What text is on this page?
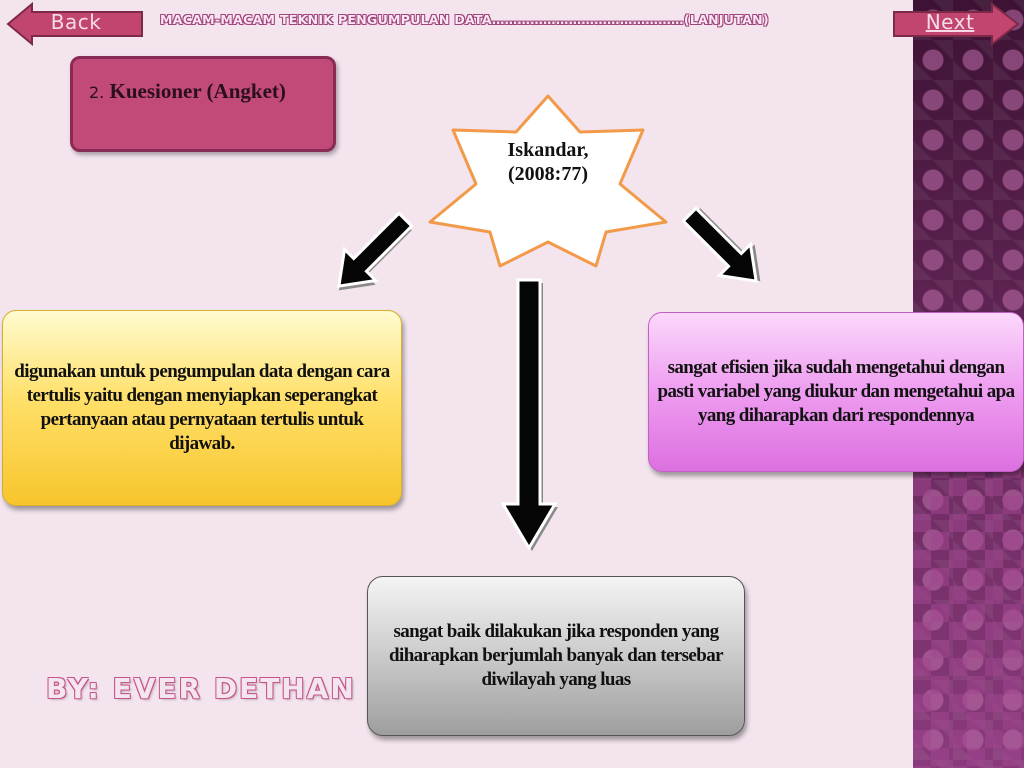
Back	MACAM-MACAM TEKNIK PENGUMPULAN DATA………………………………………(LANJUTAN)	Next
2. Kuesioner (Angket)
Iskandar,
(2008:77)
digunakan untuk pengumpulan data dengan cara tertulis yaitu dengan menyiapkan seperangkat pertanyaan atau pernyataan tertulis untuk dijawab.
sangat efisien jika sudah mengetahui dengan pasti variabel yang diukur dan mengetahui apa yang diharapkan dari respondennya
sangat baik dilakukan jika responden yang diharapkan berjumlah banyak dan tersebar diwilayah yang luas
BY: EVER DETHAN
